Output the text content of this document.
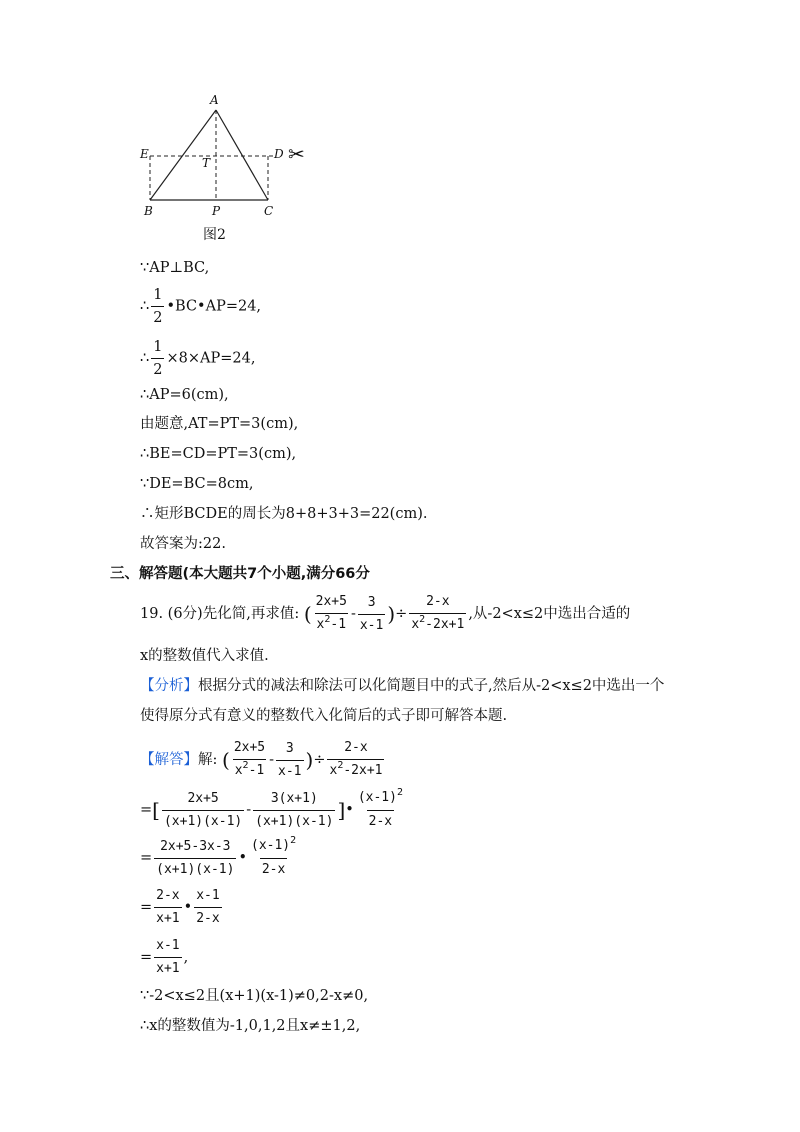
A
E	D
T
B	P	C
✂
图2
∵AP⊥BC,
∴ $\frac{1}{2}$ •BC•AP=24,
∴ $\frac{1}{2} \times 8\times AP=24$,
∴AP=6(cm),
由题意,AT=PT=3(cm),
∴BE=CD=PT=3(cm),
∵DE=BC=8cm,
∴矩形BCDE的周长为8+8+3+3=22(cm).
故答案为:22.
三、解答题(本大题共7个小题,满分66分
19. (6分)先化简,再求值: ( $\frac{2x+5}{x^2-1} - \frac{3}{x-1}$ )÷ $\frac{2-x}{x^2-2x+1}$ ,从-2<x≤2中选出合适的
x的整数值代入求值.
【分析】根据分式的减法和除法可以化简题目中的式子,然后从-2<x≤2中选出一个
使得原分式有意义的整数代入化简后的式子即可解答本题.
【解答】解: ( $\frac{2x+5}{x^2-1} - \frac{3}{x-1}$ )÷ $\frac{2-x}{x^2-2x+1}$
=[ $\frac{2x+5}{(x+1)(x-1)} - \frac{3(x+1)}{(x+1)(x-1)}$ ]• $\frac{(x-1)^2}{2-x}$
= $\frac{2x+5-3x-3}{(x+1)(x-1)}$ • $\frac{(x-1)^2}{2-x}$
= $\frac{2-x}{x+1}$ • $\frac{x-1}{2-x}$
= $\frac{x-1}{x+1}$ ,
∵-2<x≤2且(x+1)(x-1)≠0,2-x≠0,
∴x的整数值为-1,0,1,2且x≠±1,2,
